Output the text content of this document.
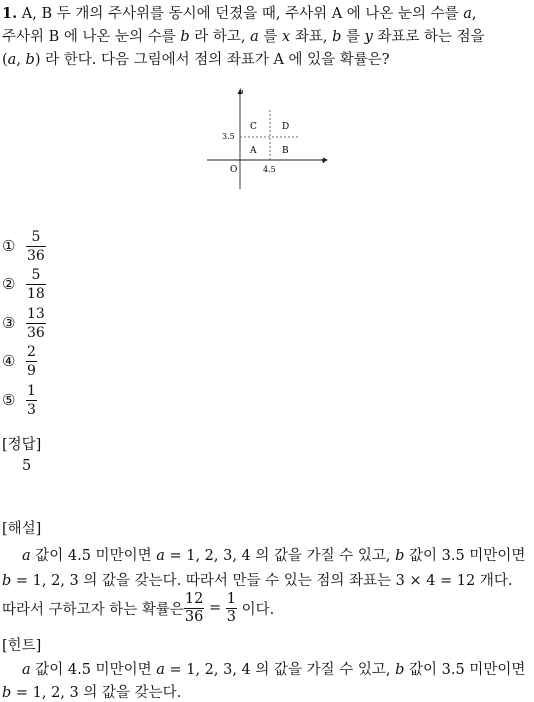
1. A, B 두 개의 주사위를 동시에 던졌을 때, 주사위 A 에 나온 눈의 수를 a,
주사위 B 에 나온 눈의 수를 b 라 하고, a 를 x 좌표, b 를 y 좌표로 하는 점을
(a, b) 라 한다. 다음 그림에서 점의 좌표가 A 에 있을 확률은?
b
x
O
3.5
4.5
C	D
A	B
① $\frac{5}{36}$
② $\frac{5}{18}$
③ $\frac{13}{36}$
④ $\frac{2}{9}$
⑤ $\frac{1}{3}$
[정답]
5
[해설]
a 값이 4.5 미만이면 a = 1, 2, 3, 4 의 값을 가질 수 있고, b 값이 3.5 미만이면
b = 1, 2, 3 의 값을 갖는다. 따라서 만들 수 있는 점의 좌표는 3 × 4 = 12 개다.
따라서 구하고자 하는 확률은 $\frac{12}{36} = \frac{1}{3}$ 이다.
[힌트]
a 값이 4.5 미만이면 a = 1, 2, 3, 4 의 값을 가질 수 있고, b 값이 3.5 미만이면
b = 1, 2, 3 의 값을 갖는다.
